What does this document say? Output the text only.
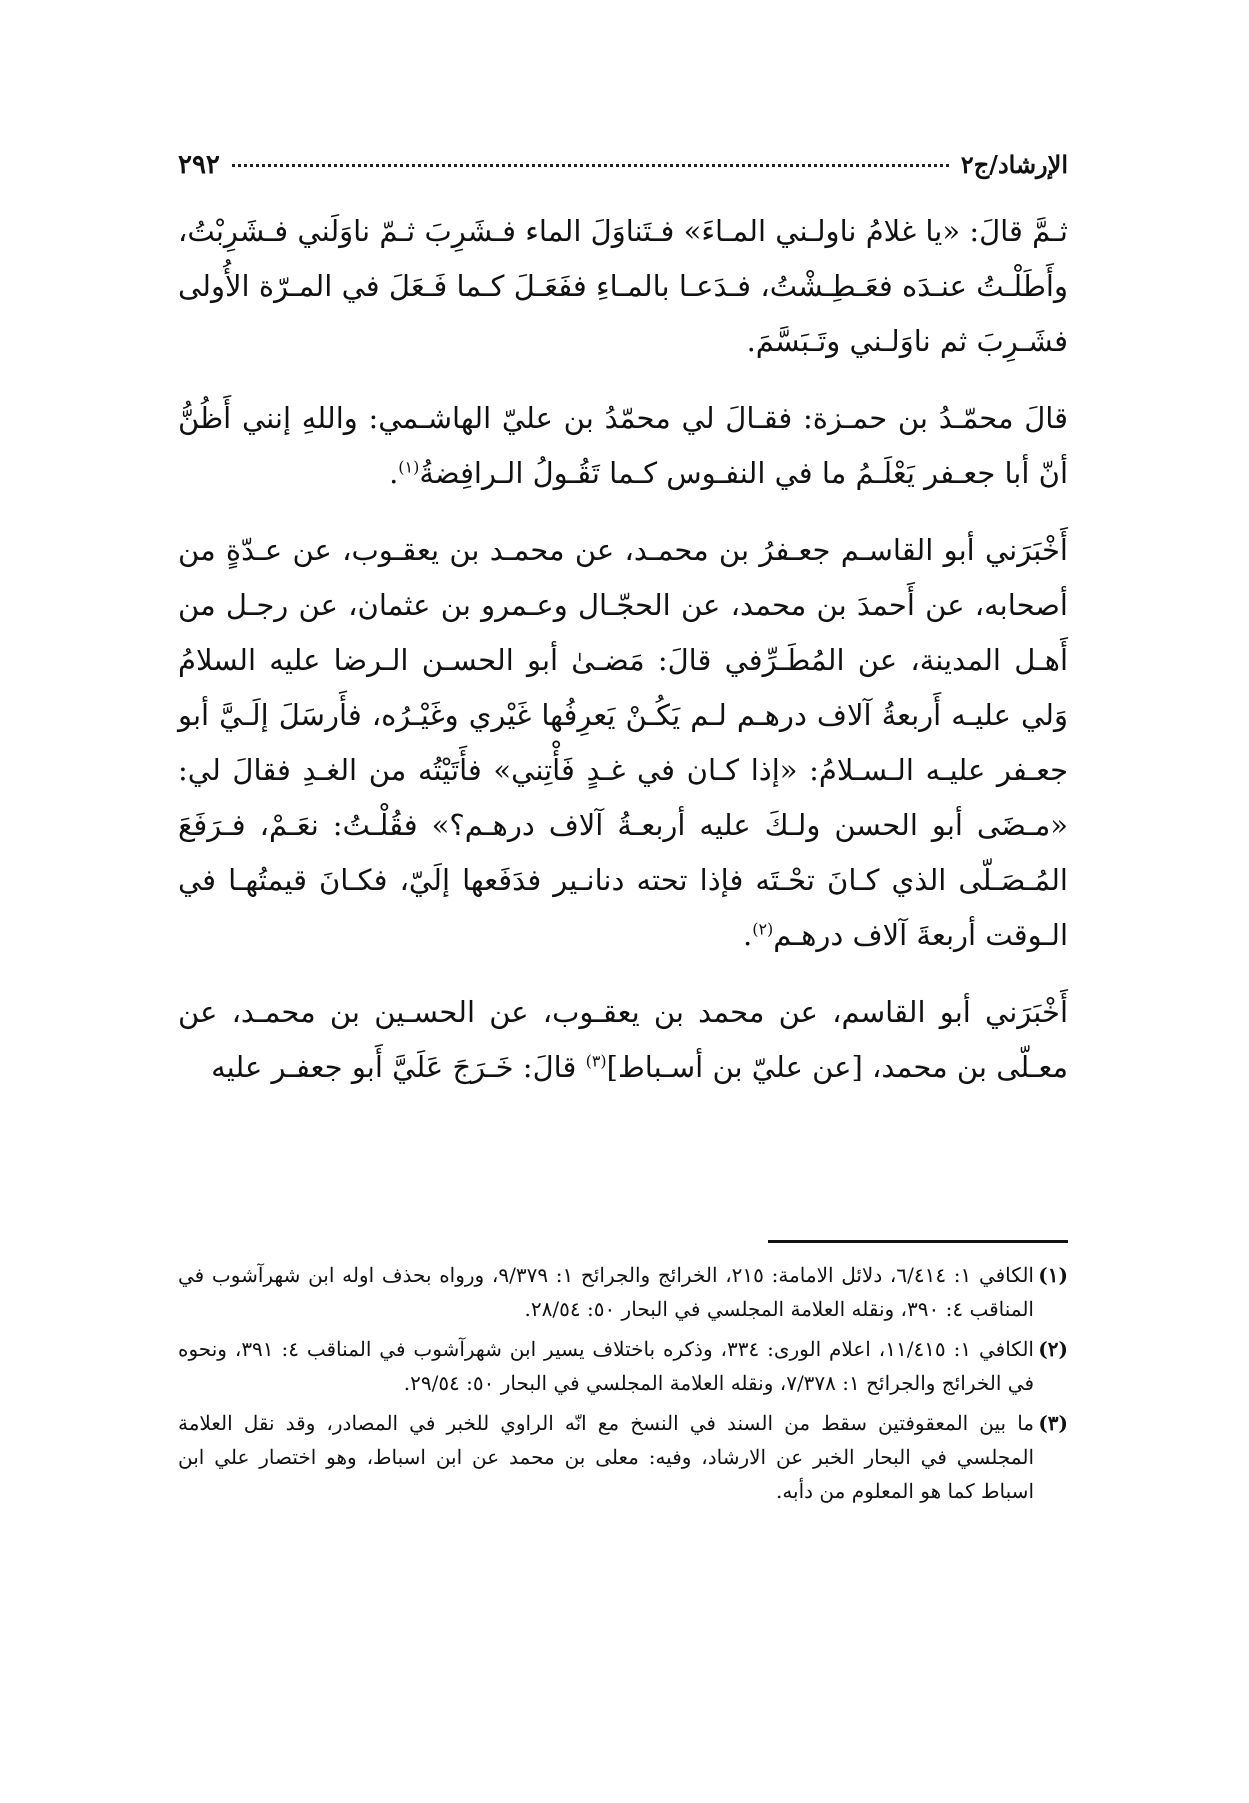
الإرشاد/ج٢
٢٩٢

ثـمَّ قالَ: «يا غلامُ ناولـني المـاءَ» فـتَناوَلَ الماء فـشَرِبَ ثـمّ ناوَلَني فـشَرِبْتُ، وأَطَلْـتُ عنـدَه فعَـطِـشْتُ، فـدَعـا بالمـاءِ ففَعَـلَ كـما فَـعَلَ في المـرّة الأُولى فشَـرِبَ ثم ناوَلـني وتَـبَسَّمَ.

قالَ محمّـدُ بن حمـزة: فقـالَ لي محمّدُ بن عليّ الهاشـمي: واللهِ إنني أَظُنُّ أنّ أبا جعـفر يَعْلَـمُ ما في النفـوس كـما تَقُـولُ الـرافِضةُ$^{(١)}$.

أَخْبَرَني أبو القاسـم جعـفرُ بن محمـد، عن محمـد بن يعقـوب، عن عـدّةٍ من أصحابه، عن أَحمدَ بن محمد، عن الحجّـال وعـمرو بن عثمان، عن رجـل من أَهـل المدينة، عن المُطَـرِّفي قالَ: مَضـىٰ أبو الحسـن الـرضا عليه السلامُ وَلي عليـه أَربعةُ آلاف درهـم لـم يَكُـنْ يَعرِفُها غَيْري وغَيْـرُه، فأَرسَلَ إلَـيَّ أبو جعـفر عليـه الـسـلامُ: «إذا كـان في غـدٍ فَأْتِني» فأَتَيْتُه من الغـدِ فقالَ لي: «مـضَى أبو الحسن ولـكَ عليه أربعـةُ آلاف درهـم؟» فقُلْـتُ: نعَـمْ، فـرَفَعَ المُـصَـلّى الذي كـانَ تحْـتَه فإذا تحته دنانـير فدَفَعها إلَيّ، فكـانَ قيمتُهـا في الـوقت أربعةَ آلاف درهـم$^{(٢)}$.

أَخْبَرَني أبو القاسم، عن محمد بن يعقـوب، عن الحسـين بن محمـد، عن معـلّى بن محمد، [عن عليّ بن أسـباط]$^{(٣)}$ قالَ: خَـرَجَ عَلَيَّ أَبو جعفـر عليه

(١)الكافي ١: ٦/٤١٤، دلائل الامامة: ٢١٥، الخرائج والجرائح ١: ٩/٣٧٩، ورواه بحذف اوله ابن شهرآشوب في المناقب ٤: ٣٩٠، ونقله العلامة المجلسي في البحار ٥٠: ٢٨/٥٤.

(٢)الكافي ١: ١١/٤١٥، اعلام الورى: ٣٣٤، وذكره باختلاف يسير ابن شهرآشوب في المناقب ٤: ٣٩١، ونحوه في الخرائج والجرائح ١: ٧/٣٧٨، ونقله العلامة المجلسي في البحار ٥٠: ٢٩/٥٤.

(٣)ما بين المعقوفتين سقط من السند في النسخ مع انّه الراوي للخبر في المصادر، وقد نقل العلامة المجلسي في البحار الخبر عن الارشاد، وفيه: معلى بن محمد عن ابن اسباط، وهو اختصار علي ابن اسباط كما هو المعلوم من دأبه.
